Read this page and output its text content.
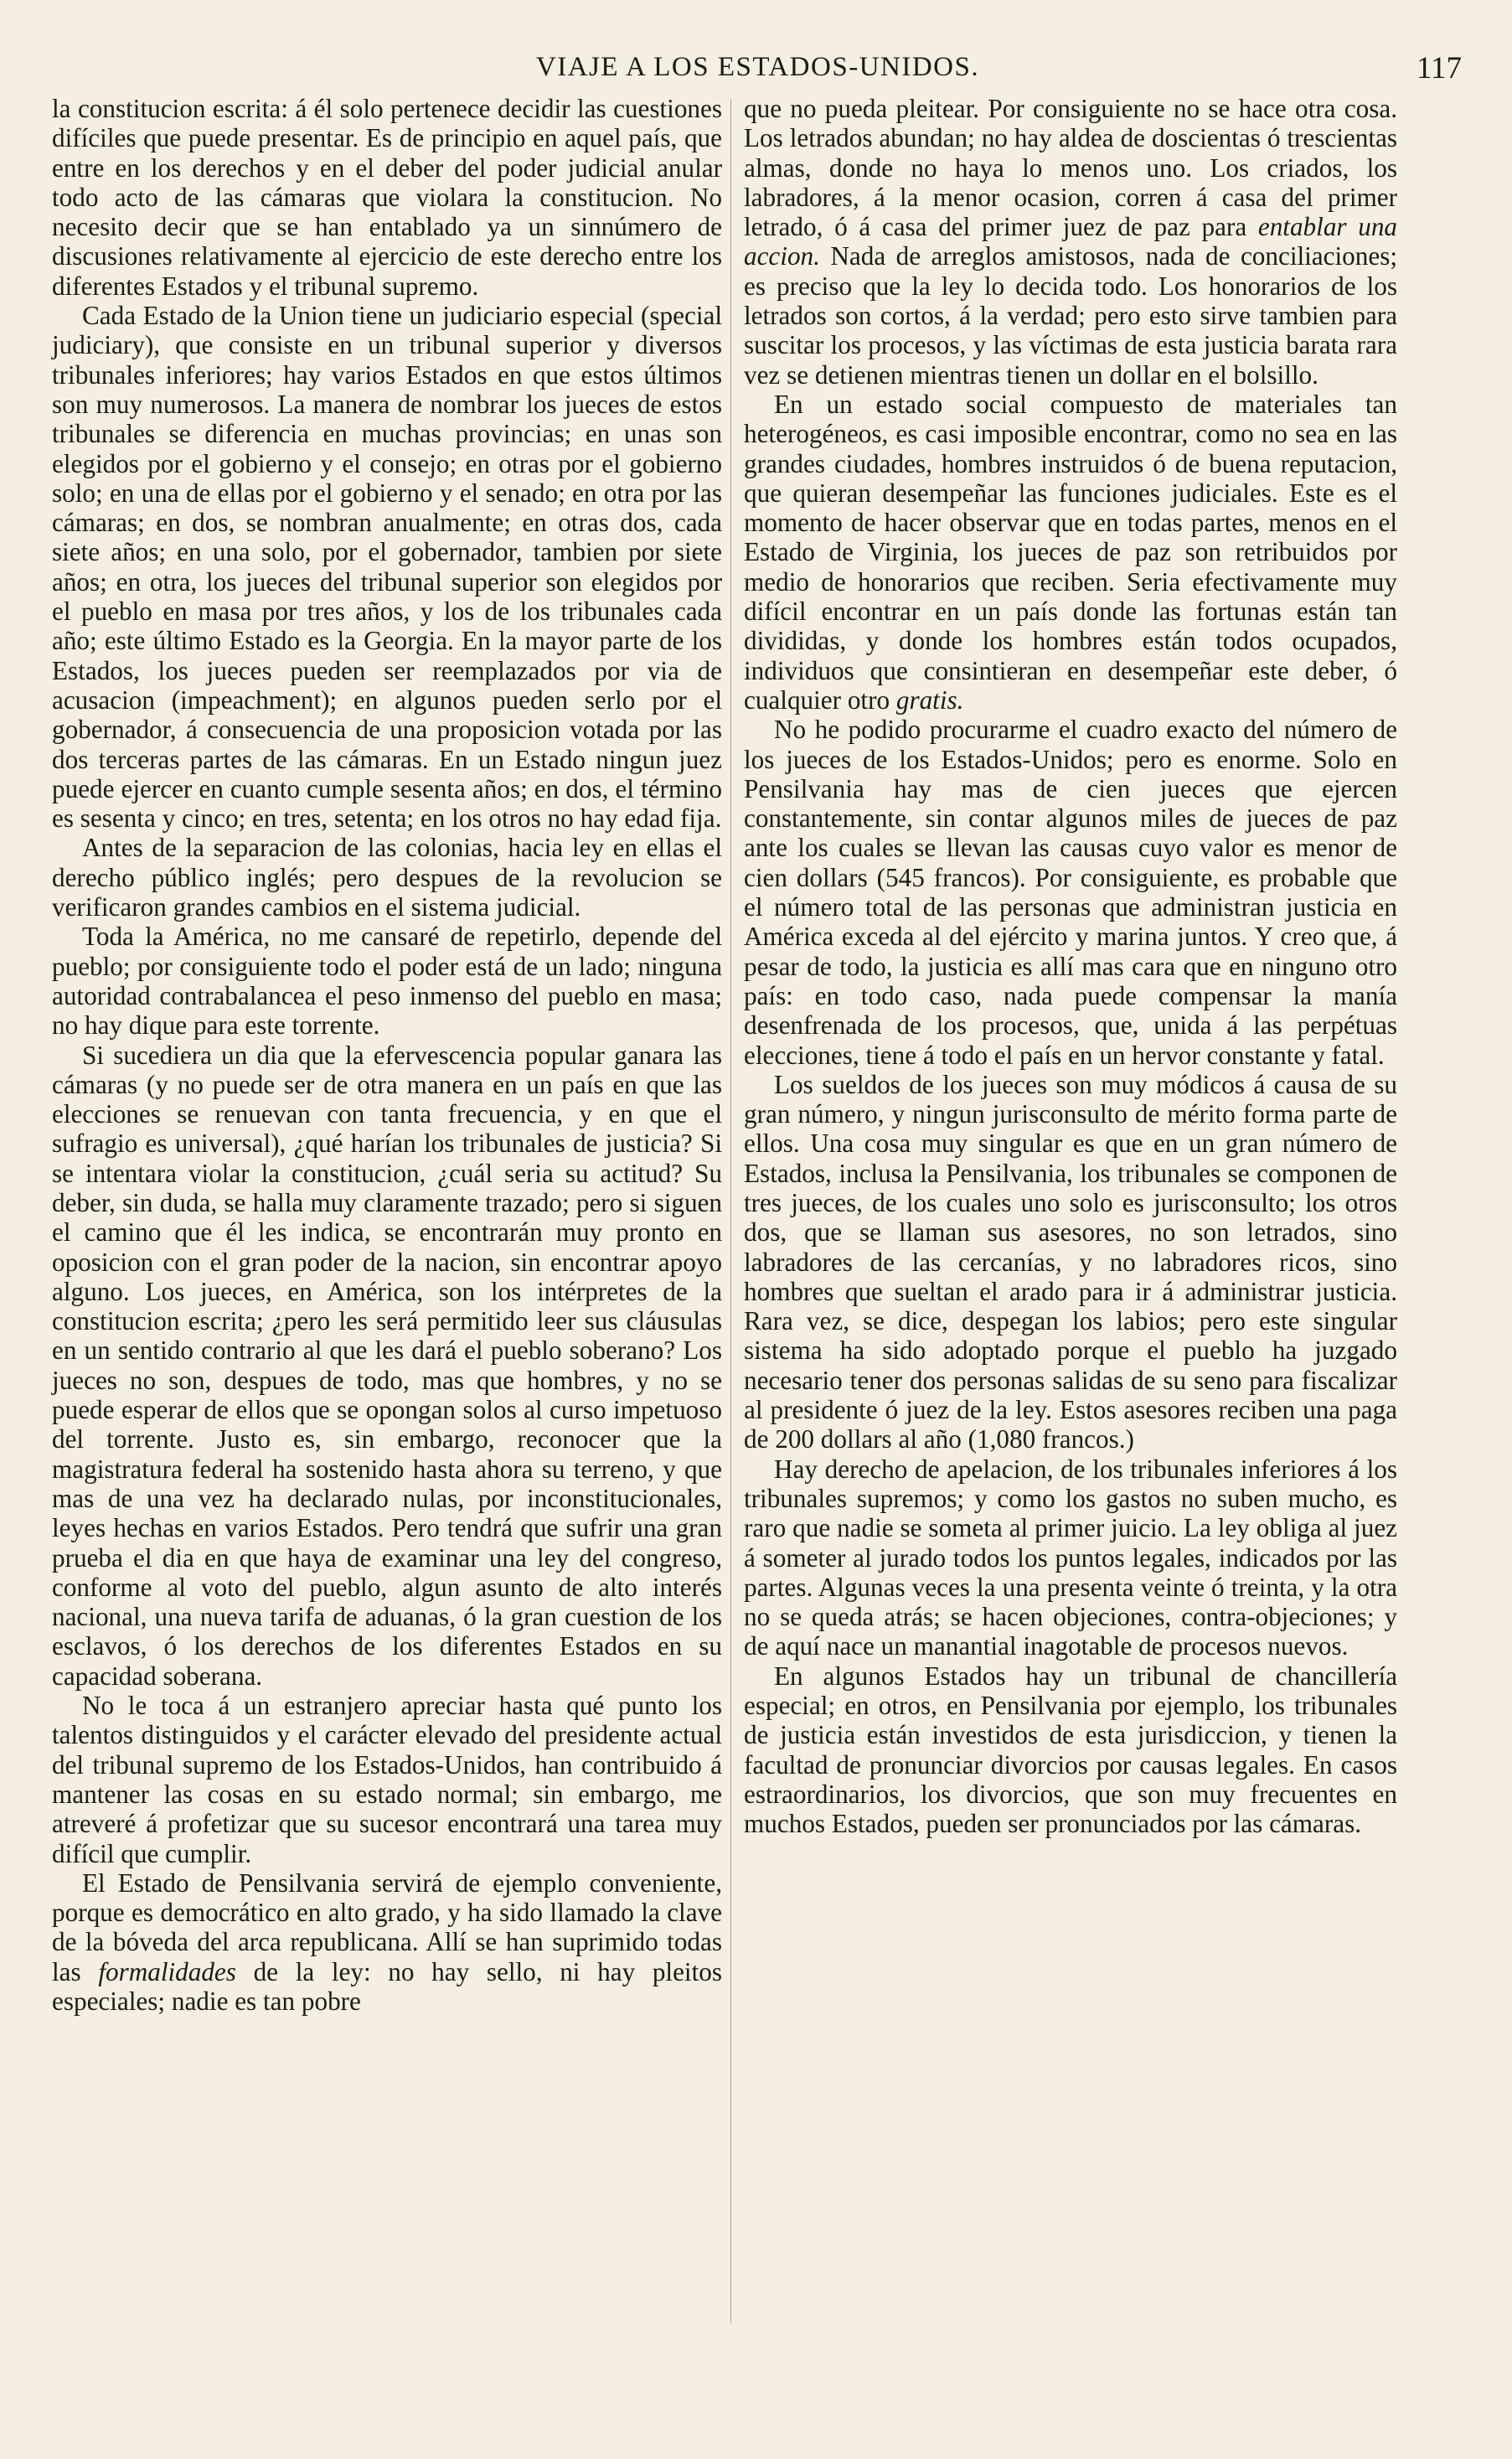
VIAJE A LOS ESTADOS-UNIDOS.	117

la constitucion escrita: á él solo pertenece decidir las cuestiones difíciles que puede presentar. Es de principio en aquel país, que entre en los derechos y en el deber del poder judicial anular todo acto de las cámaras que violara la constitucion. No necesito decir que se han entablado ya un sinnúmero de discusiones relativamente al ejercicio de este derecho entre los diferentes Estados y el tribunal supremo.

Cada Estado de la Union tiene un judiciario especial (special judiciary), que consiste en un tribunal superior y diversos tribunales inferiores; hay varios Estados en que estos últimos son muy numerosos. La manera de nombrar los jueces de estos tribunales se diferencia en muchas provincias; en unas son elegidos por el gobierno y el consejo; en otras por el gobierno solo; en una de ellas por el gobierno y el senado; en otra por las cámaras; en dos, se nombran anualmente; en otras dos, cada siete años; en una solo, por el gobernador, tambien por siete años; en otra, los jueces del tribunal superior son elegidos por el pueblo en masa por tres años, y los de los tribunales cada año; este último Estado es la Georgia. En la mayor parte de los Estados, los jueces pueden ser reemplazados por via de acusacion (impeachment); en algunos pueden serlo por el gobernador, á consecuencia de una proposicion votada por las dos terceras partes de las cámaras. En un Estado ningun juez puede ejercer en cuanto cumple sesenta años; en dos, el término es sesenta y cinco; en tres, setenta; en los otros no hay edad fija.

Antes de la separacion de las colonias, hacia ley en ellas el derecho público inglés; pero despues de la revolucion se verificaron grandes cambios en el sistema judicial.

Toda la América, no me cansaré de repetirlo, depende del pueblo; por consiguiente todo el poder está de un lado; ninguna autoridad contrabalancea el peso inmenso del pueblo en masa; no hay dique para este torrente.

Si sucediera un dia que la efervescencia popular ganara las cámaras (y no puede ser de otra manera en un país en que las elecciones se renuevan con tanta frecuencia, y en que el sufragio es universal), ¿qué harían los tribunales de justicia? Si se intentara violar la constitucion, ¿cuál seria su actitud? Su deber, sin duda, se halla muy claramente trazado; pero si siguen el camino que él les indica, se encontrarán muy pronto en oposicion con el gran poder de la nacion, sin encontrar apoyo alguno. Los jueces, en América, son los intérpretes de la constitucion escrita; ¿pero les será permitido leer sus cláusulas en un sentido contrario al que les dará el pueblo soberano? Los jueces no son, despues de todo, mas que hombres, y no se puede esperar de ellos que se opongan solos al curso impetuoso del torrente. Justo es, sin embargo, reconocer que la magistratura federal ha sostenido hasta ahora su terreno, y que mas de una vez ha declarado nulas, por inconstitucionales, leyes hechas en varios Estados. Pero tendrá que sufrir una gran prueba el dia en que haya de examinar una ley del congreso, conforme al voto del pueblo, algun asunto de alto interés nacional, una nueva tarifa de aduanas, ó la gran cuestion de los esclavos, ó los derechos de los diferentes Estados en su capacidad soberana.

No le toca á un estranjero apreciar hasta qué punto los talentos distinguidos y el carácter elevado del presidente actual del tribunal supremo de los Estados-Unidos, han contribuido á mantener las cosas en su estado normal; sin embargo, me atreveré á profetizar que su sucesor encontrará una tarea muy difícil que cumplir.

El Estado de Pensilvania servirá de ejemplo conveniente, porque es democrático en alto grado, y ha sido llamado la clave de la bóveda del arca republicana. Allí se han suprimido todas las formalidades de la ley: no hay sello, ni hay pleitos especiales; nadie es tan pobre

que no pueda pleitear. Por consiguiente no se hace otra cosa. Los letrados abundan; no hay aldea de doscientas ó trescientas almas, donde no haya lo menos uno. Los criados, los labradores, á la menor ocasion, corren á casa del primer letrado, ó á casa del primer juez de paz para entablar una accion. Nada de arreglos amistosos, nada de conciliaciones; es preciso que la ley lo decida todo. Los honorarios de los letrados son cortos, á la verdad; pero esto sirve tambien para suscitar los procesos, y las víctimas de esta justicia barata rara vez se detienen mientras tienen un dollar en el bolsillo.

En un estado social compuesto de materiales tan heterogéneos, es casi imposible encontrar, como no sea en las grandes ciudades, hombres instruidos ó de buena reputacion, que quieran desempeñar las funciones judiciales. Este es el momento de hacer observar que en todas partes, menos en el Estado de Virginia, los jueces de paz son retribuidos por medio de honorarios que reciben. Seria efectivamente muy difícil encontrar en un país donde las fortunas están tan divididas, y donde los hombres están todos ocupados, individuos que consintieran en desempeñar este deber, ó cualquier otro gratis.

No he podido procurarme el cuadro exacto del número de los jueces de los Estados-Unidos; pero es enorme. Solo en Pensilvania hay mas de cien jueces que ejercen constantemente, sin contar algunos miles de jueces de paz ante los cuales se llevan las causas cuyo valor es menor de cien dollars (545 francos). Por consiguiente, es probable que el número total de las personas que administran justicia en América exceda al del ejército y marina juntos. Y creo que, á pesar de todo, la justicia es allí mas cara que en ninguno otro país: en todo caso, nada puede compensar la manía desenfrenada de los procesos, que, unida á las perpétuas elecciones, tiene á todo el país en un hervor constante y fatal.

Los sueldos de los jueces son muy módicos á causa de su gran número, y ningun jurisconsulto de mérito forma parte de ellos. Una cosa muy singular es que en un gran número de Estados, inclusa la Pensilvania, los tribunales se componen de tres jueces, de los cuales uno solo es jurisconsulto; los otros dos, que se llaman sus asesores, no son letrados, sino labradores de las cercanías, y no labradores ricos, sino hombres que sueltan el arado para ir á administrar justicia. Rara vez, se dice, despegan los labios; pero este singular sistema ha sido adoptado porque el pueblo ha juzgado necesario tener dos personas salidas de su seno para fiscalizar al presidente ó juez de la ley. Estos asesores reciben una paga de 200 dollars al año (1,080 francos.)

Hay derecho de apelacion, de los tribunales inferiores á los tribunales supremos; y como los gastos no suben mucho, es raro que nadie se someta al primer juicio. La ley obliga al juez á someter al jurado todos los puntos legales, indicados por las partes. Algunas veces la una presenta veinte ó treinta, y la otra no se queda atrás; se hacen objeciones, contra-objeciones; y de aquí nace un manantial inagotable de procesos nuevos.

En algunos Estados hay un tribunal de chancillería especial; en otros, en Pensilvania por ejemplo, los tribunales de justicia están investidos de esta jurisdiccion, y tienen la facultad de pronunciar divorcios por causas legales. En casos estraordinarios, los divorcios, que son muy frecuentes en muchos Estados, pueden ser pronunciados por las cámaras.
